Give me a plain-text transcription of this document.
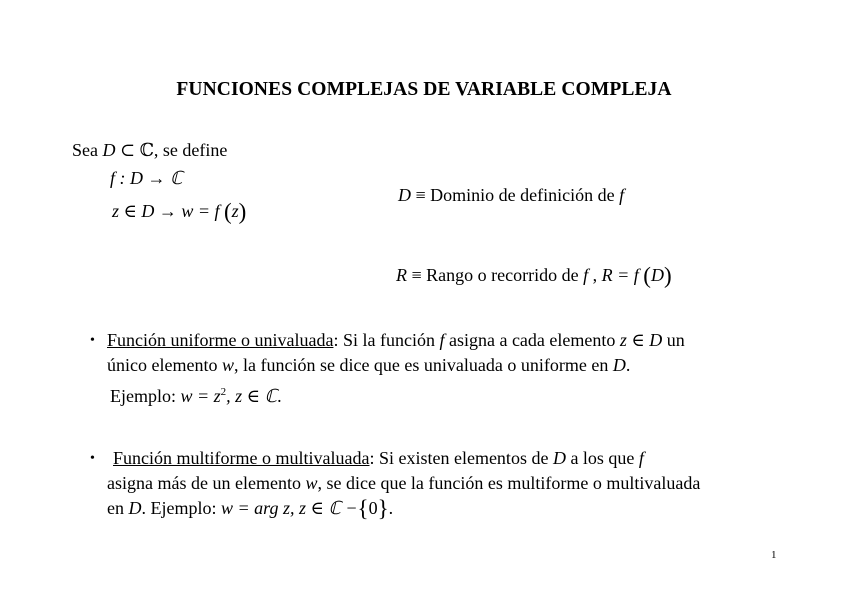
FUNCIONES COMPLEJAS DE VARIABLE COMPLEJA
Sea D ⊂ ℂ, se define
f : D → ℂ
z ∈ D → w = f (z)
D ≡ Dominio de definición de f
R ≡ Rango o recorrido de f , R = f (D)
• Función uniforme o univaluada: Si la función f asigna a cada elemento z ∈ D un
único elemento w, la función se dice que es univaluada o uniforme en D.
Ejemplo: $w = z^2$, z ∈ ℂ.
• Función multiforme o multivaluada: Si existen elementos de D a los que f
asigna más de un elemento w, se dice que la función es multiforme o multivaluada
en D. Ejemplo: w = arg z, z ∈ ℂ −{0}.
1
